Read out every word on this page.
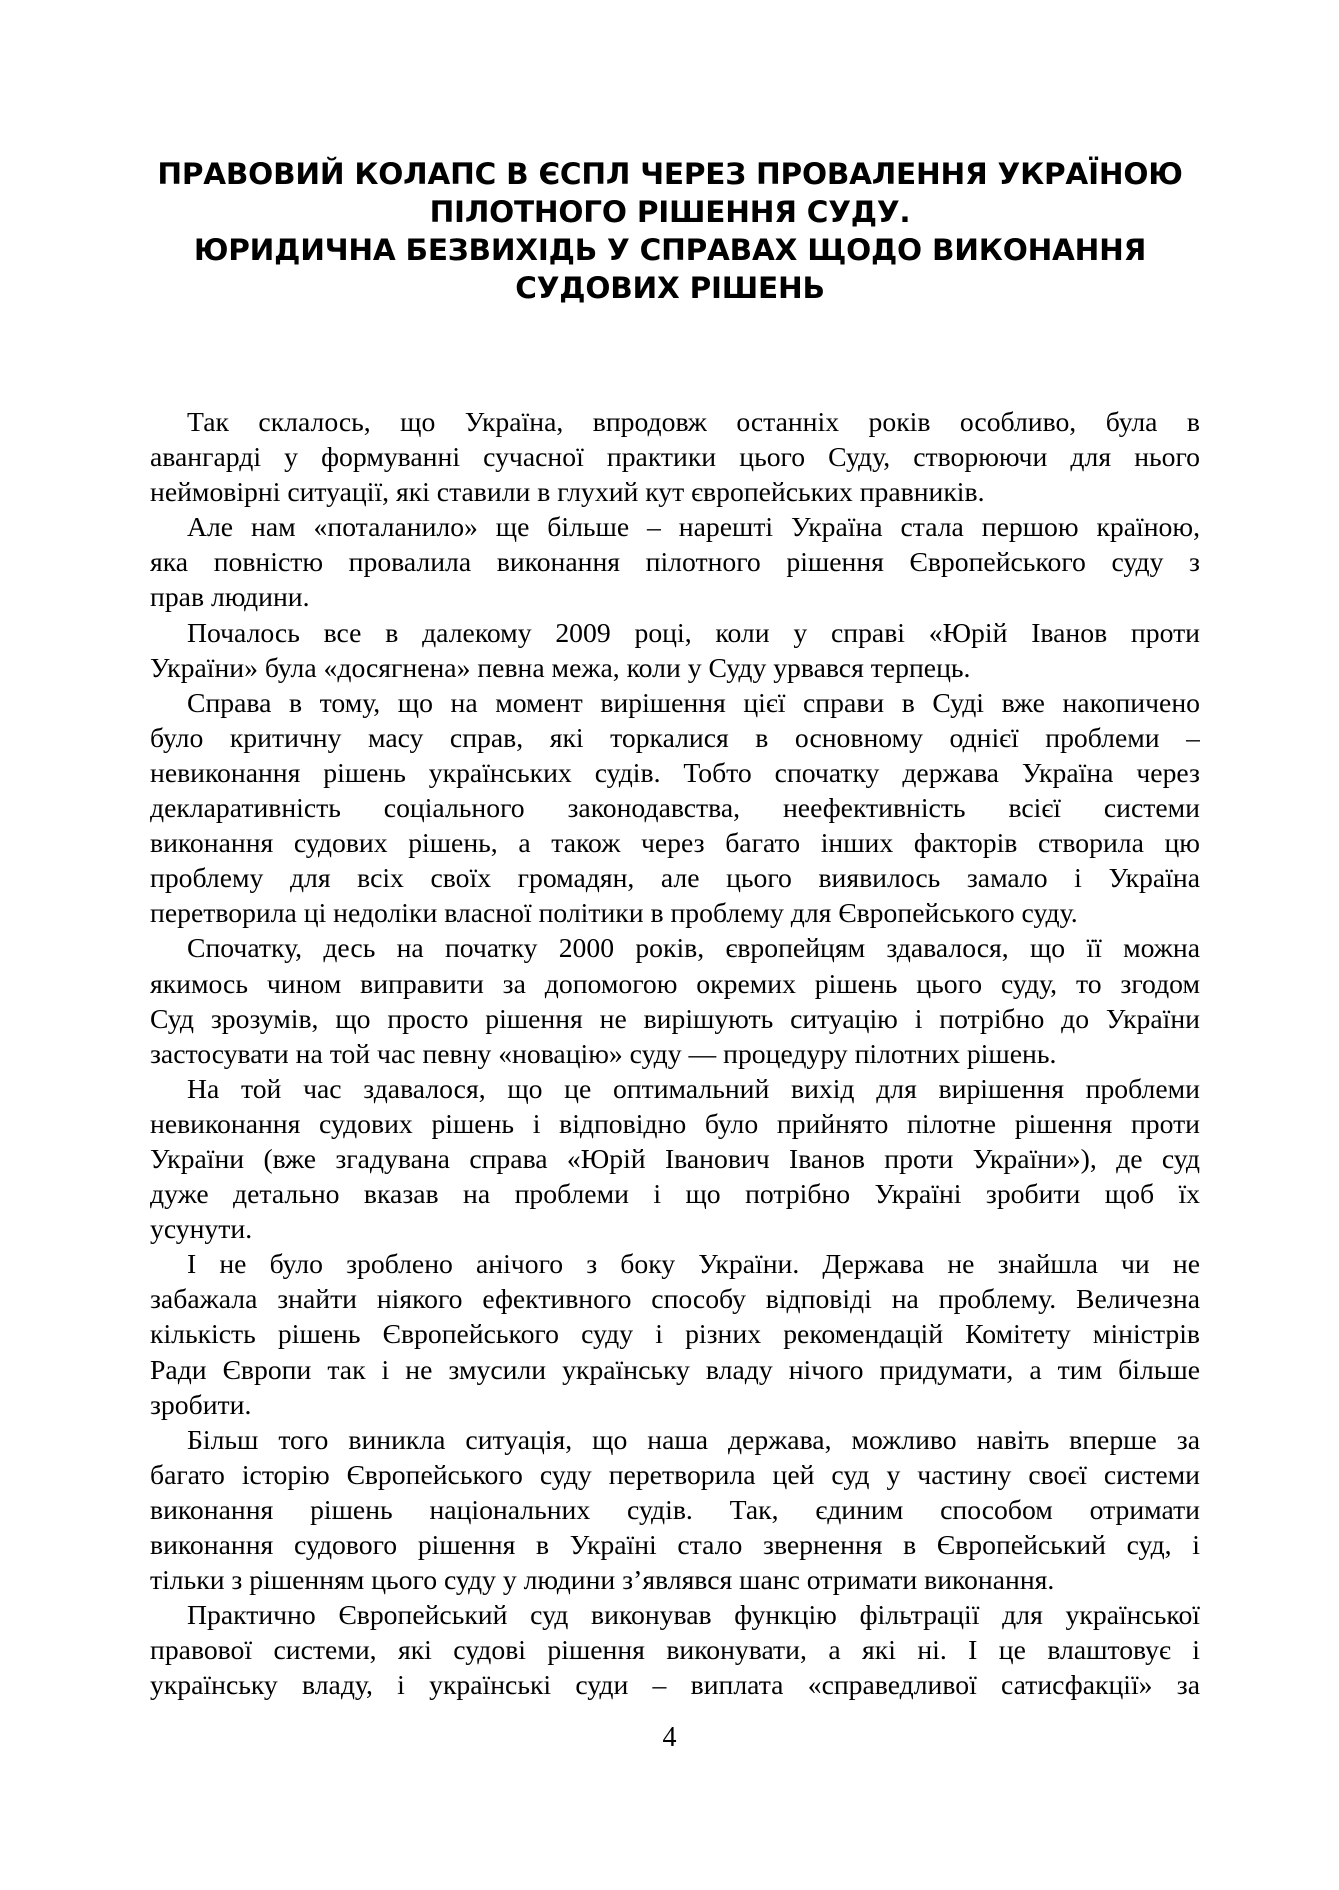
ПРАВОВИЙ КОЛАПС В ЄСПЛ ЧЕРЕЗ ПРОВАЛЕННЯ УКРАЇНОЮ
ПІЛОТНОГО РІШЕННЯ СУДУ.
ЮРИДИЧНА БЕЗВИХІДЬ У СПРАВАХ ЩОДО ВИКОНАННЯ
СУДОВИХ РІШЕНЬ
Так склалось, що Україна, впродовж останніх років особливо, була в
авангарді у формуванні сучасної практики цього Суду, створюючи для нього
неймовірні ситуації, які ставили в глухий кут європейських правників.
Але нам «поталанило» ще більше – нарешті Україна стала першою країною,
яка повністю провалила виконання пілотного рішення Європейського суду з
прав людини.
Почалось все в далекому 2009 році, коли у справі «Юрій Іванов проти
України» була «досягнена» певна межа, коли у Суду урвався терпець.
Справа в тому, що на момент вирішення цієї справи в Суді вже накопичено
було критичну масу справ, які торкалися в основному однієї проблеми –
невиконання рішень українських судів. Тобто спочатку держава Україна через
декларативність соціального законодавства, неефективність всієї системи
виконання судових рішень, а також через багато інших факторів створила цю
проблему для всіх своїх громадян, але цього виявилось замало і Україна
перетворила ці недоліки власної політики в проблему для Європейського суду.
Спочатку, десь на початку 2000 років, європейцям здавалося, що її можна
якимось чином виправити за допомогою окремих рішень цього суду, то згодом
Суд зрозумів, що просто рішення не вирішують ситуацію і потрібно до України
застосувати на той час певну «новацію» суду — процедуру пілотних рішень.
На той час здавалося, що це оптимальний вихід для вирішення проблеми
невиконання судових рішень і відповідно було прийнято пілотне рішення проти
України (вже згадувана справа «Юрій Іванович Іванов проти України»), де суд
дуже детально вказав на проблеми і що потрібно Україні зробити щоб їх
усунути.
І не було зроблено анічого з боку України. Держава не знайшла чи не
забажала знайти ніякого ефективного способу відповіді на проблему. Величезна
кількість рішень Європейського суду і різних рекомендацій Комітету міністрів
Ради Європи так і не змусили українську владу нічого придумати, а тим більше
зробити.
Більш того виникла ситуація, що наша держава, можливо навіть вперше за
багато історію Європейського суду перетворила цей суд у частину своєї системи
виконання рішень національних судів. Так, єдиним способом отримати
виконання судового рішення в Україні стало звернення в Європейський суд, і
тільки з рішенням цього суду у людини з’являвся шанс отримати виконання.
Практично Європейський суд виконував функцію фільтрації для української
правової системи, які судові рішення виконувати, а які ні. І це влаштовує і
українську владу, і українські суди – виплата «справедливої сатисфакції» за
4
